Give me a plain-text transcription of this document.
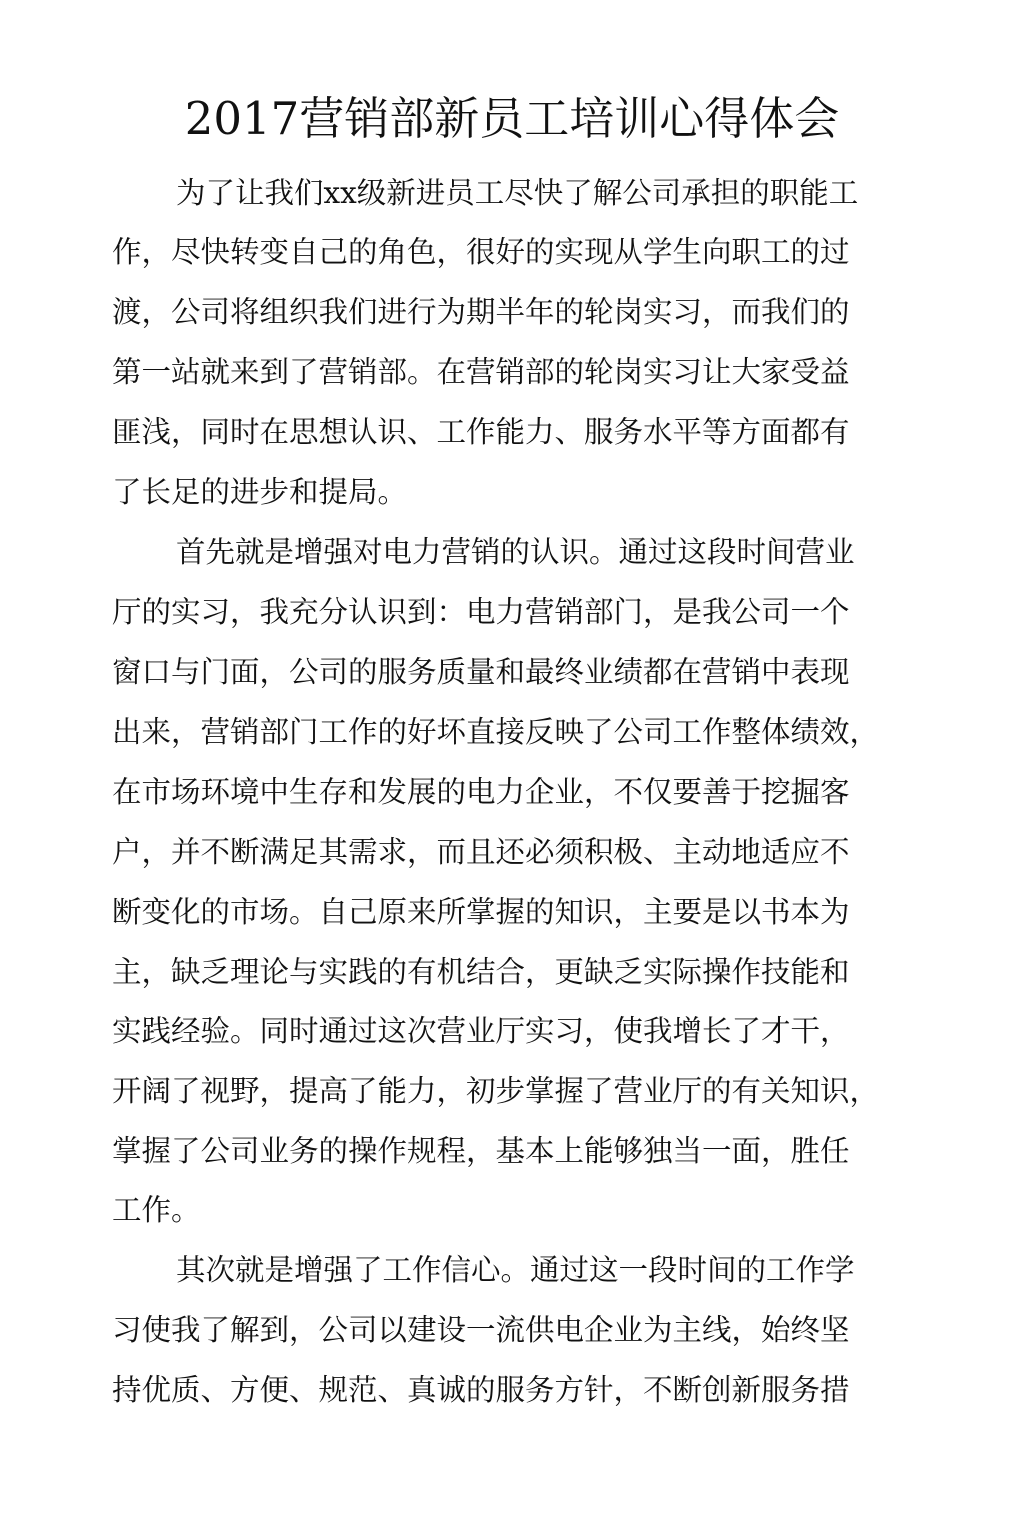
2017营销部新员工培训心得体会
为了让我们xx级新进员工尽快了解公司承担的职能工
作，尽快转变自己的角色，很好的实现从学生向职工的过
渡，公司将组织我们进行为期半年的轮岗实习，而我们的
第一站就来到了营销部。在营销部的轮岗实习让大家受益
匪浅，同时在思想认识、工作能力、服务水平等方面都有
了长足的进步和提局。
首先就是增强对电力营销的认识。通过这段时间营业
厅的实习，我充分认识到：电力营销部门，是我公司一个
窗口与门面，公司的服务质量和最终业绩都在营销中表现
出来，营销部门工作的好坏直接反映了公司工作整体绩效，
在市场环境中生存和发展的电力企业，不仅要善于挖掘客
户，并不断满足其需求，而且还必须积极、主动地适应不
断变化的市场。自己原来所掌握的知识，主要是以书本为
主，缺乏理论与实践的有机结合，更缺乏实际操作技能和
实践经验。同时通过这次营业厅实习，使我增长了才干，
开阔了视野，提高了能力，初步掌握了营业厅的有关知识，
掌握了公司业务的操作规程，基本上能够独当一面，胜任
工作。
其次就是增强了工作信心。通过这一段时间的工作学
习使我了解到，公司以建设一流供电企业为主线，始终坚
持优质、方便、规范、真诚的服务方针，不断创新服务措
